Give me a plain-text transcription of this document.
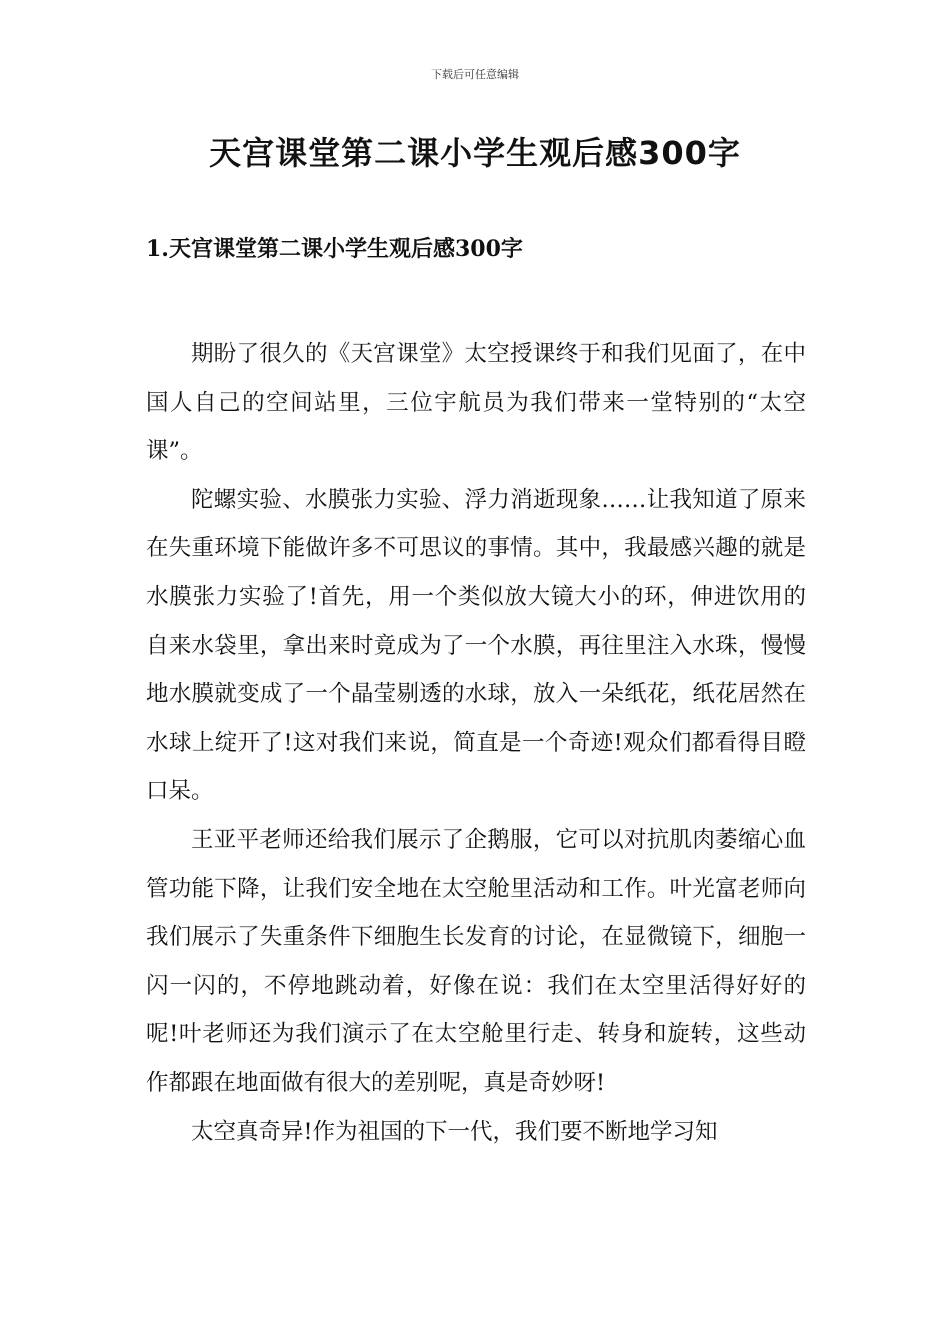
下载后可任意编辑
天宫课堂第二课小学生观后感300字
1.天宫课堂第二课小学生观后感300字

期盼了很久的《天宫课堂》太空授课终于和我们见面了，在中国人自己的空间站里，三位宇航员为我们带来一堂特别的“太空课”。

陀螺实验、水膜张力实验、浮力消逝现象……让我知道了原来在失重环境下能做许多不可思议的事情。其中，我最感兴趣的就是水膜张力实验了!首先，用一个类似放大镜大小的环，伸进饮用的自来水袋里，拿出来时竟成为了一个水膜，再往里注入水珠，慢慢地水膜就变成了一个晶莹剔透的水球，放入一朵纸花，纸花居然在水球上绽开了!这对我们来说，简直是一个奇迹!观众们都看得目瞪口呆。

王亚平老师还给我们展示了企鹅服，它可以对抗肌肉萎缩心血管功能下降，让我们安全地在太空舱里活动和工作。叶光富老师向我们展示了失重条件下细胞生长发育的讨论，在显微镜下，细胞一闪一闪的，不停地跳动着，好像在说：我们在太空里活得好好的呢!叶老师还为我们演示了在太空舱里行走、转身和旋转，这些动作都跟在地面做有很大的差别呢，真是奇妙呀!

太空真奇异!作为祖国的下一代，我们要不断地学习知
